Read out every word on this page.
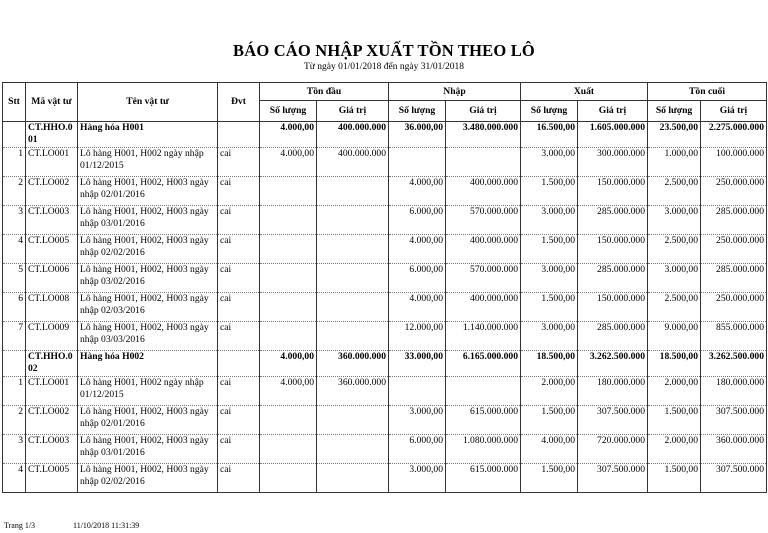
BÁO CÁO NHẬP XUẤT TỒN THEO LÔ
Từ ngày 01/01/2018 đến ngày 31/01/2018
Stt	Mã vật tư	Tên vật tư	Đvt	Tồn đầu		Nhập		Xuất		Tồn cuối	
				Số lượng	Giá trị	Số lượng	Giá trị	Số lượng	Giá trị	Số lượng	Giá trị
	CT.HHO.001	Hàng hóa H001		4.000,00	400.000.000	36.000,00	3.480.000.000	16.500,00	1.605.000.000	23.500,00	2.275.000.000
1	CT.LO001	Lô hàng H001, H002 ngày nhập 01/12/2015	cai	4.000,00	400.000.000			3.000,00	300.000.000	1.000,00	100.000.000
2	CT.LO002	Lô hàng H001, H002, H003 ngày nhập 02/01/2016	cai			4.000,00	400.000.000	1.500,00	150.000.000	2.500,00	250.000.000
3	CT.LO003	Lô hàng H001, H002, H003 ngày nhập 03/01/2016	cai			6.000,00	570.000.000	3.000,00	285.000.000	3.000,00	285.000.000
4	CT.LO005	Lô hàng H001, H002, H003 ngày nhập 02/02/2016	cai			4.000,00	400.000.000	1.500,00	150.000.000	2.500,00	250.000.000
5	CT.LO006	Lô hàng H001, H002, H003 ngày nhập 03/02/2016	cai			6.000,00	570.000.000	3.000,00	285.000.000	3.000,00	285.000.000
6	CT.LO008	Lô hàng H001, H002, H003 ngày nhập 02/03/2016	cai			4.000,00	400.000.000	1.500,00	150.000.000	2.500,00	250.000.000
7	CT.LO009	Lô hàng H001, H002, H003 ngày nhập 03/03/2016	cai			12.000,00	1.140.000.000	3.000,00	285.000.000	9.000,00	855.000.000
	CT.HHO.002	Hàng hóa H002		4.000,00	360.000.000	33.000,00	6.165.000.000	18.500,00	3.262.500.000	18.500,00	3.262.500.000
1	CT.LO001	Lô hàng H001, H002 ngày nhập 01/12/2015	cai	4.000,00	360.000.000			2.000,00	180.000.000	2.000,00	180.000.000
2	CT.LO002	Lô hàng H001, H002, H003 ngày nhập 02/01/2016	cai			3.000,00	615.000.000	1.500,00	307.500.000	1.500,00	307.500.000
3	CT.LO003	Lô hàng H001, H002, H003 ngày nhập 03/01/2016	cai			6.000,00	1.080.000.000	4.000,00	720.000.000	2.000,00	360.000.000
4	CT.LO005	Lô hàng H001, H002, H003 ngày nhập 02/02/2016	cai			3.000,00	615.000.000	1.500,00	307.500.000	1.500,00	307.500.000
Trang 1/3	11/10/2018 11:31:39
